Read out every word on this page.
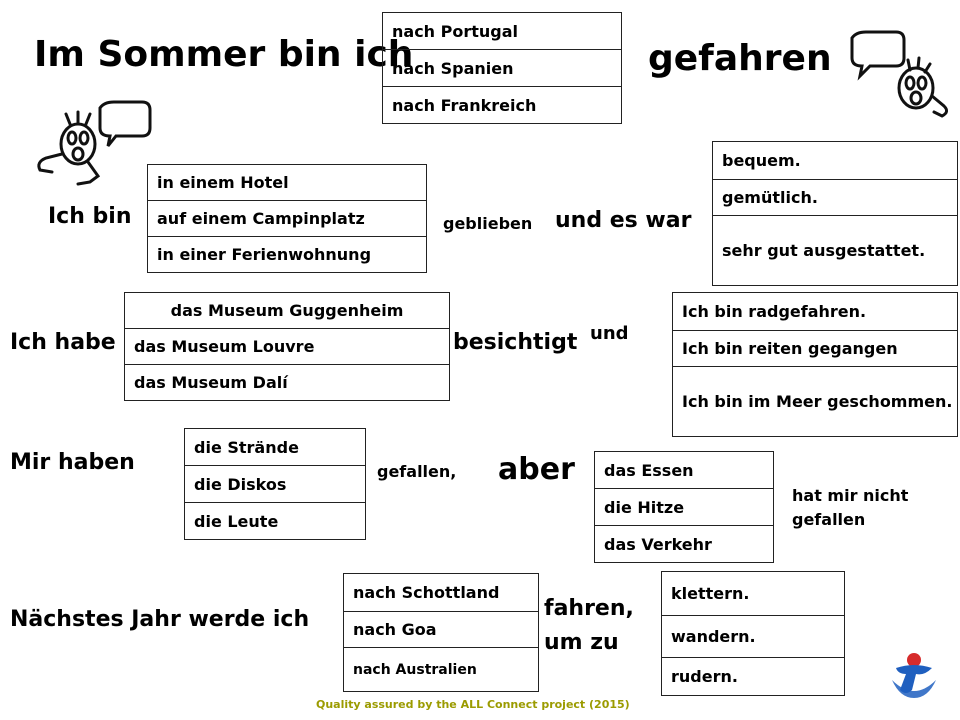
Im Sommer bin ich
nach Portugal
nach Spanien
nach Frankreich
gefahren
Ich bin
in einem Hotel
auf einem Campinplatz
in einer Ferienwohnung
geblieben und es war
bequem.
gemütlich.
sehr gut ausgestattet.
Ich habe
das Museum Guggenheim
das Museum Louvre
das Museum Dalí
besichtigt und
Ich bin radgefahren.
Ich bin reiten gegangen
Ich bin im Meer geschommen.
Mir haben
die Strände
die Diskos
die Leute
gefallen, aber das Essen
die Hitze
das Verkehr
hat mir nicht gefallen
Nächstes Jahr werde ich
nach Schottland
nach Goa
nach Australien
fahren, um zu
klettern.
wandern.
rudern.
Quality assured by the ALL Connect project (2015)
